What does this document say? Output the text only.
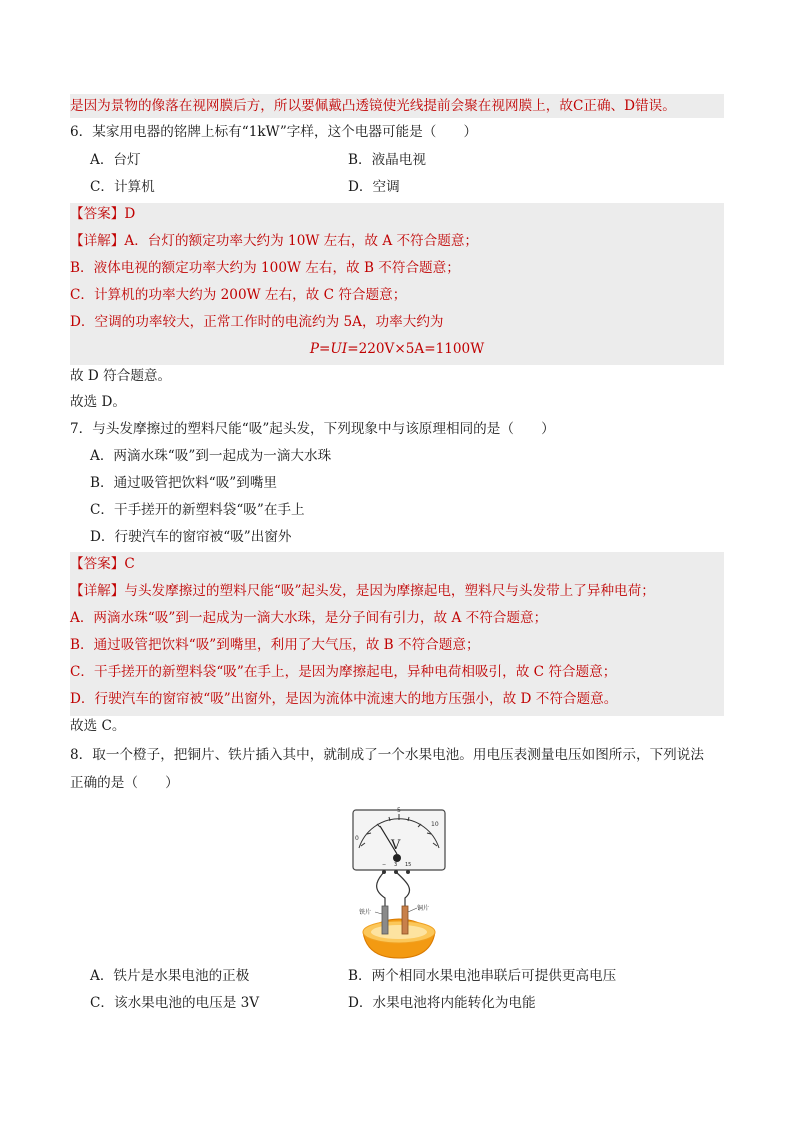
是因为景物的像落在视网膜后方，所以要佩戴凸透镜使光线提前会聚在视网膜上，故C正确、D错误。
6．某家用电器的铭牌上标有“1kW”字样，这个电器可能是（　　）
A．台灯	B．液晶电视
C．计算机	D．空调
【答案】D
【详解】A．台灯的额定功率大约为 10W 左右，故 A 不符合题意；
B．液体电视的额定功率大约为 100W 左右，故 B 不符合题意；
C．计算机的功率大约为 200W 左右，故 C 符合题意；
D．空调的功率较大，正常工作时的电流约为 5A，功率大约为
P=UI=220V×5A=1100W
故 D 符合题意。
故选 D。
7．与头发摩擦过的塑料尺能“吸”起头发，下列现象中与该原理相同的是（　　）
A．两滴水珠“吸”到一起成为一滴大水珠
B．通过吸管把饮料“吸”到嘴里
C．干手搓开的新塑料袋“吸”在手上
D．行驶汽车的窗帘被“吸”出窗外
【答案】C
【详解】与头发摩擦过的塑料尺能“吸”起头发，是因为摩擦起电，塑料尺与头发带上了异种电荷；
A．两滴水珠“吸”到一起成为一滴大水珠，是分子间有引力，故 A 不符合题意；
B．通过吸管把饮料“吸”到嘴里，利用了大气压，故 B 不符合题意；
C．干手搓开的新塑料袋“吸”在手上，是因为摩擦起电，异种电荷相吸引，故 C 符合题意；
D．行驶汽车的窗帘被“吸”出窗外，是因为流体中流速大的地方压强小，故 D 不符合题意。
故选 C。
8．取一个橙子，把铜片、铁片插入其中，就制成了一个水果电池。用电压表测量电压如图所示，下列说法
正确的是（　　）
0
5
10
V
− 3 15
铁片
铜片
A．铁片是水果电池的正极	B．两个相同水果电池串联后可提供更高电压
C．该水果电池的电压是 3V	D．水果电池将内能转化为电能
